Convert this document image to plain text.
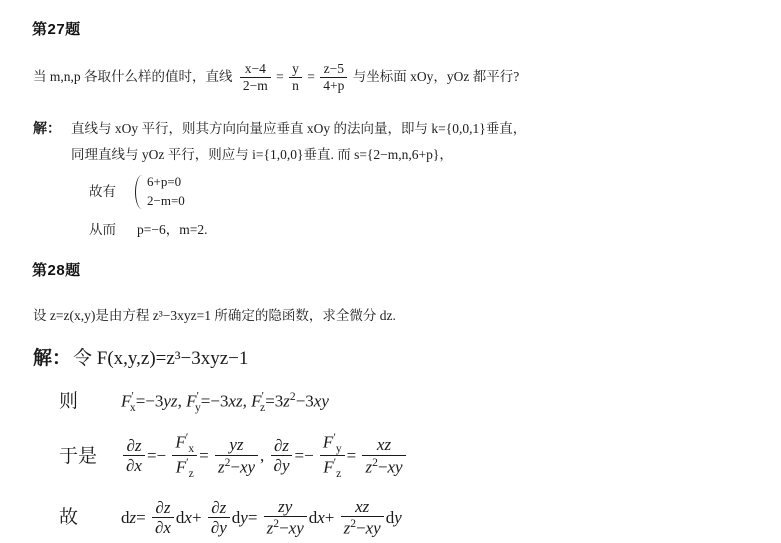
第27题
当 m,n,p 各取什么样的值时，直线 $\frac{x-4}{2-m} = \frac{y}{n} = \frac{z-5}{4+p}$ 与坐标面 xOy，yOz 都平行?
解： 直线与 xOy 平行，则其方向向量应垂直 xOy 的法向量，即与 k={0,0,1}垂直，
同理直线与 yOz 平行，则应与 i={1,0,0}垂直. 而 s={2−m,n,6+p}，
故有
6+p=0
2−m=0
从而 p=−6，m=2.
第28题
设 z=z(x,y)是由方程 z³−3xyz=1 所确定的隐函数，求全微分 dz.
解： 令 F(x,y,z)=z³−3xyz−1
则	$F'_x=-3yz$, $F'_y=-3xz$, $F'_z=3z^2-3xy$
于是	$\frac{\partial z}{\partial x} =- \frac{F'_x}{F'_z} = \frac{yz}{z^2-xy}$ , $\frac{\partial z}{\partial y} =- \frac{F'_y}{F'_z} = \frac{xz}{z^2-xy}$
故	$dz= \frac{\partial z}{\partial x} dx+ \frac{\partial z}{\partial y} dy= \frac{zy}{z^2-xy} dx+ \frac{xz}{z^2-xy}$ dy
